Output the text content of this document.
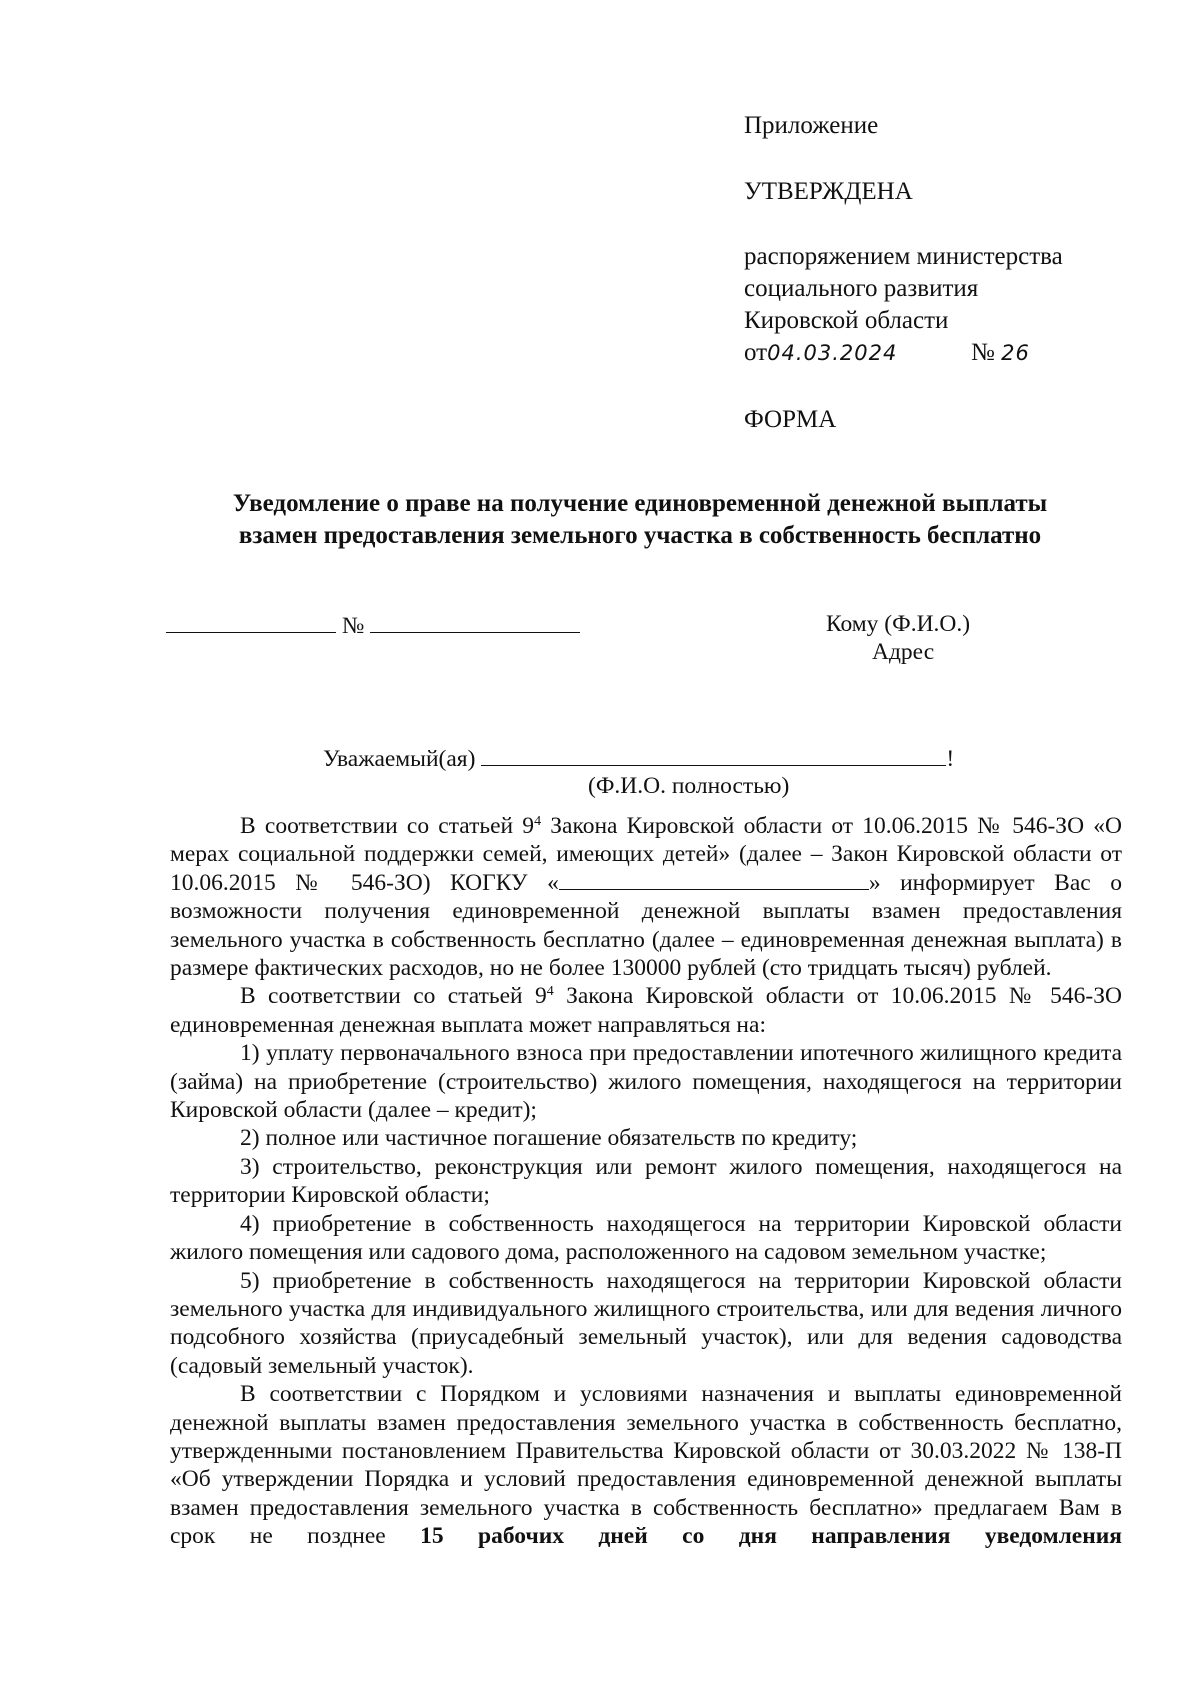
Приложение
УТВЕРЖДЕНА
распоряжением министерства
социального развития
Кировской области
от04.03.2024	№ 26
ФОРМА
Уведомление о праве на получение единовременной денежной выплаты
взамен предоставления земельного участка в собственность бесплатно
№	Кому (Ф.И.О.)
Адрес
Уважаемый(ая)	!
(Ф.И.О. полностью)

В соответствии со статьей $9^4$ Закона Кировской области от 10.06.2015 № 546-ЗО «О мерах социальной поддержки семей, имеющих детей» (далее – Закон Кировской области от 10.06.2015 № 546-ЗО) КОГКУ «	» информирует Вас о возможности получения единовременной денежной выплаты взамен предоставления земельного участка в собственность бесплатно (далее – единовременная денежная выплата) в размере фактических расходов, но не более 130000 рублей (сто тридцать тысяч) рублей.

В соответствии со статьей $9^4$ Закона Кировской области от 10.06.2015 № 546-ЗО единовременная денежная выплата может направляться на:

1) уплату первоначального взноса при предоставлении ипотечного жилищного кредита (займа) на приобретение (строительство) жилого помещения, находящегося на территории Кировской области (далее – кредит);

2) полное или частичное погашение обязательств по кредиту;

3) строительство, реконструкция или ремонт жилого помещения, находящегося на территории Кировской области;

4) приобретение в собственность находящегося на территории Кировской области жилого помещения или садового дома, расположенного на садовом земельном участке;

5) приобретение в собственность находящегося на территории Кировской области земельного участка для индивидуального жилищного строительства, или для ведения личного подсобного хозяйства (приусадебный земельный участок), или для ведения садоводства (садовый земельный участок).

В соответствии с Порядком и условиями назначения и выплаты единовременной денежной выплаты взамен предоставления земельного участка в собственность бесплатно, утвержденными постановлением Правительства Кировской области от 30.03.2022 № 138-П «Об утверждении Порядка и условий предоставления единовременной денежной выплаты взамен предоставления земельного участка в собственность бесплатно» предлагаем Вам в срок не позднее 15 рабочих дней со дня направления уведомления
